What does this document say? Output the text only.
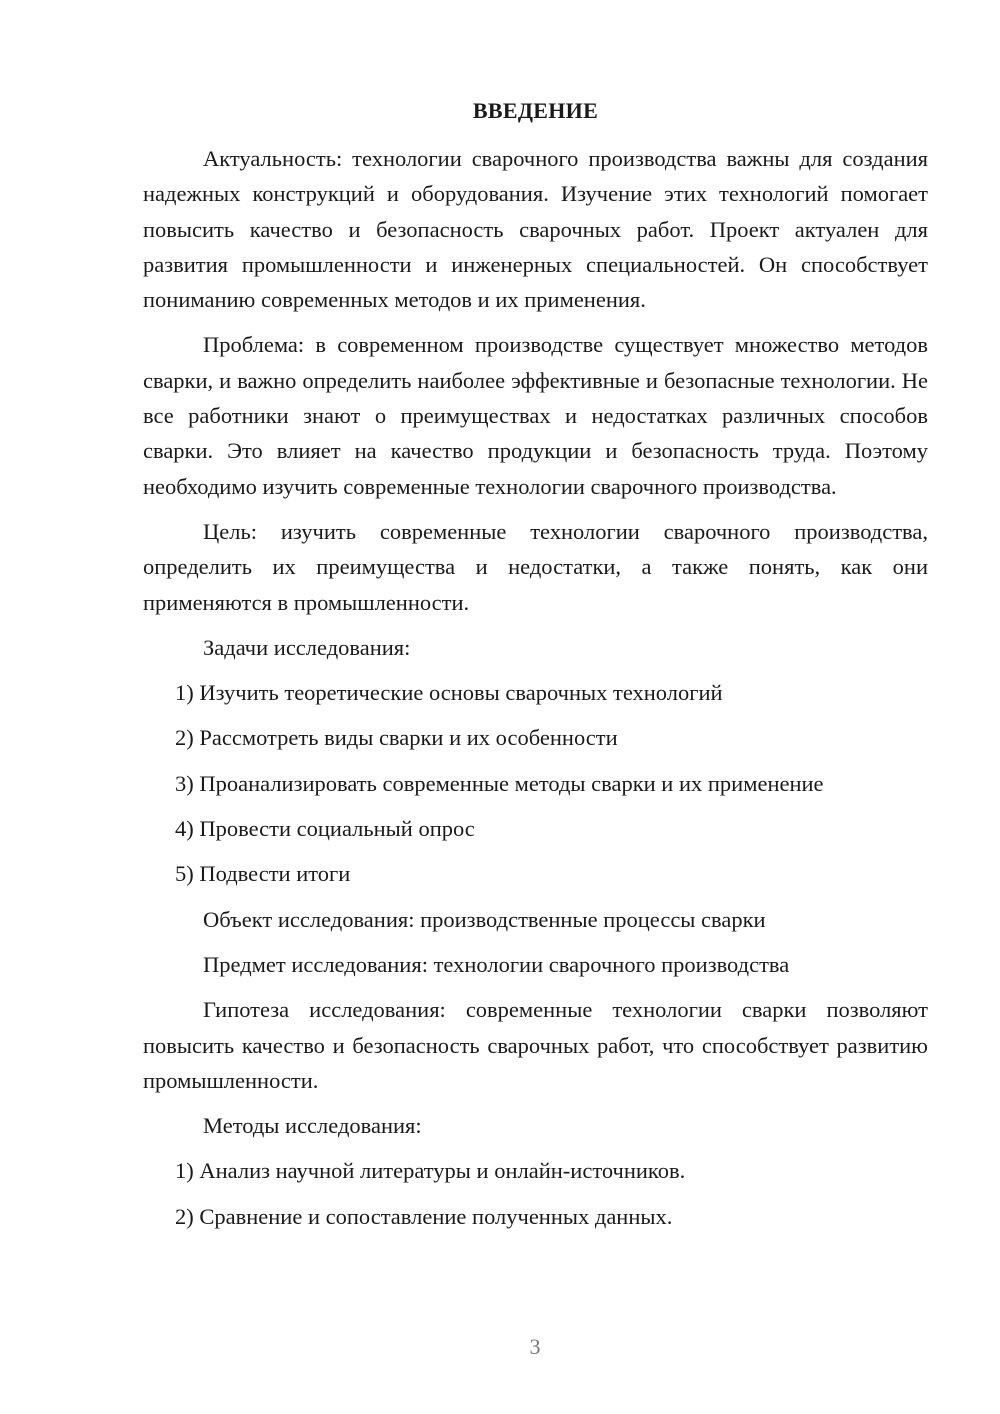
ВВЕДЕНИЕ

Актуальность: технологии сварочного производства важны для создания надежных конструкций и оборудования. Изучение этих технологий помогает повысить качество и безопасность сварочных работ. Проект актуален для развития промышленности и инженерных специальностей. Он способствует пониманию современных методов и их применения.

Проблема: в современном производстве существует множество методов сварки, и важно определить наиболее эффективные и безопасные технологии. Не все работники знают о преимуществах и недостатках различных способов сварки. Это влияет на качество продукции и безопасность труда. Поэтому необходимо изучить современные технологии сварочного производства.

Цель: изучить современные технологии сварочного производства, определить их преимущества и недостатки, а также понять, как они применяются в промышленности.

Задачи исследования:

1) Изучить теоретические основы сварочных технологий

2) Рассмотреть виды сварки и их особенности

3) Проанализировать современные методы сварки и их применение

4) Провести социальный опрос

5) Подвести итоги

Объект исследования: производственные процессы сварки

Предмет исследования: технологии сварочного производства

Гипотеза исследования: современные технологии сварки позволяют повысить качество и безопасность сварочных работ, что способствует развитию промышленности.

Методы исследования:

1) Анализ научной литературы и онлайн-источников.

2) Сравнение и сопоставление полученных данных.

3
